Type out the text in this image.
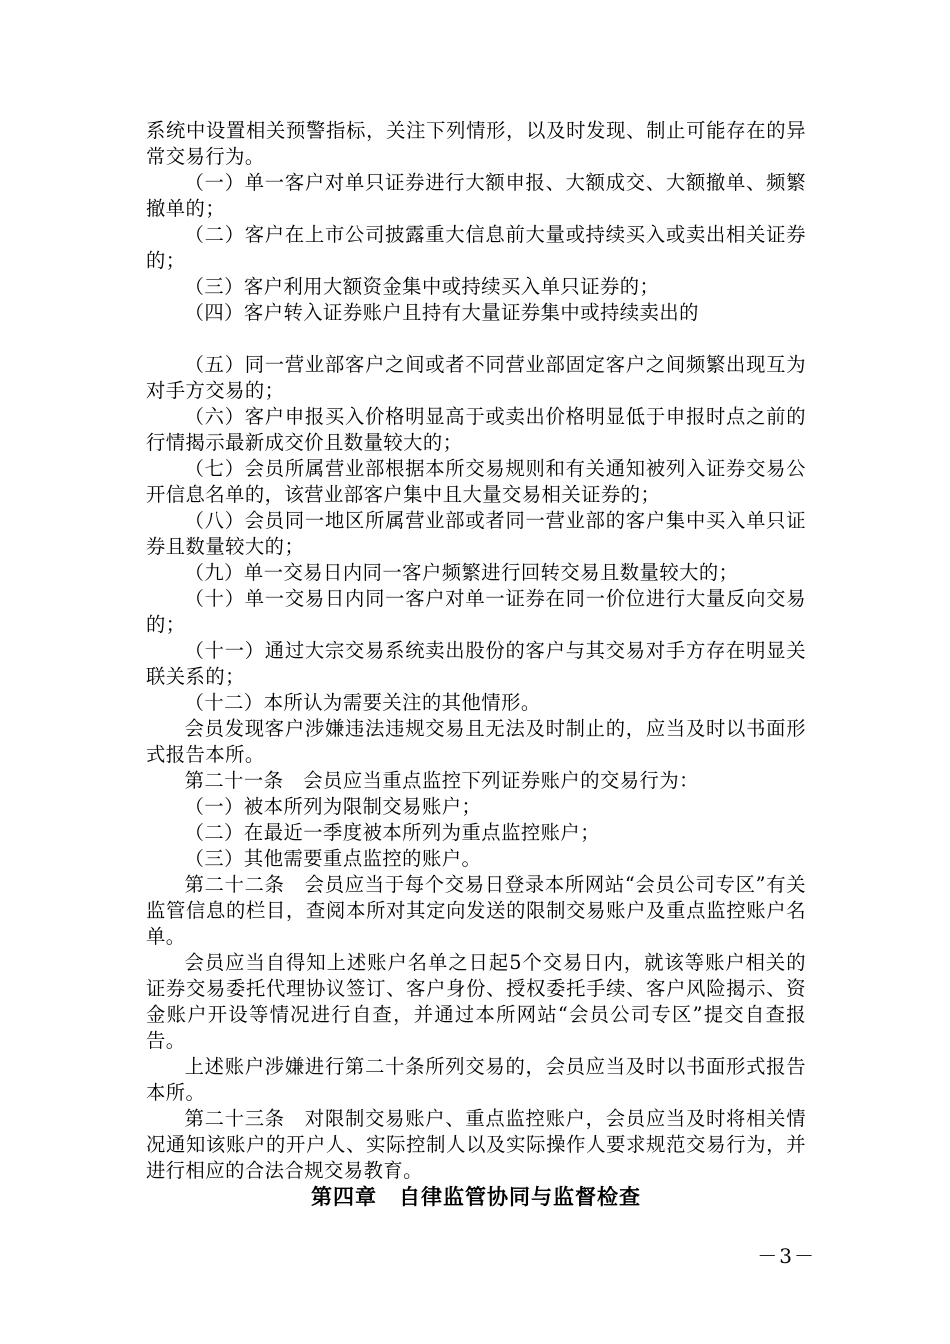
系统中设置相关预警指标，关注下列情形，以及时发现、制止可能存在的异常交易行为。

（一）单一客户对单只证券进行大额申报、大额成交、大额撤单、频繁撤单的；

（二）客户在上市公司披露重大信息前大量或持续买入或卖出相关证券的；

（三）客户利用大额资金集中或持续买入单只证券的；

（四）客户转入证券账户且持有大量证券集中或持续卖出的

（五）同一营业部客户之间或者不同营业部固定客户之间频繁出现互为对手方交易的；

（六）客户申报买入价格明显高于或卖出价格明显低于申报时点之前的行情揭示最新成交价且数量较大的；

（七）会员所属营业部根据本所交易规则和有关通知被列入证券交易公开信息名单的，该营业部客户集中且大量交易相关证券的；

（八）会员同一地区所属营业部或者同一营业部的客户集中买入单只证券且数量较大的；

（九）单一交易日内同一客户频繁进行回转交易且数量较大的；

（十）单一交易日内同一客户对单一证券在同一价位进行大量反向交易的；

（十一）通过大宗交易系统卖出股份的客户与其交易对手方存在明显关联关系的；

（十二）本所认为需要关注的其他情形。

会员发现客户涉嫌违法违规交易且无法及时制止的，应当及时以书面形式报告本所。

第二十一条　会员应当重点监控下列证券账户的交易行为：

（一）被本所列为限制交易账户；

（二）在最近一季度被本所列为重点监控账户；

（三）其他需要重点监控的账户。

第二十二条　会员应当于每个交易日登录本所网站“会员公司专区”有关监管信息的栏目，查阅本所对其定向发送的限制交易账户及重点监控账户名单。

会员应当自得知上述账户名单之日起5个交易日内，就该等账户相关的证券交易委托代理协议签订、客户身份、授权委托手续、客户风险揭示、资金账户开设等情况进行自查，并通过本所网站“会员公司专区”提交自查报告。

上述账户涉嫌进行第二十条所列交易的，会员应当及时以书面形式报告本所。

第二十三条　对限制交易账户、重点监控账户，会员应当及时将相关情况通知该账户的开户人、实际控制人以及实际操作人要求规范交易行为，并进行相应的合法合规交易教育。

第四章　自律监管协同与监督检查

－3－
